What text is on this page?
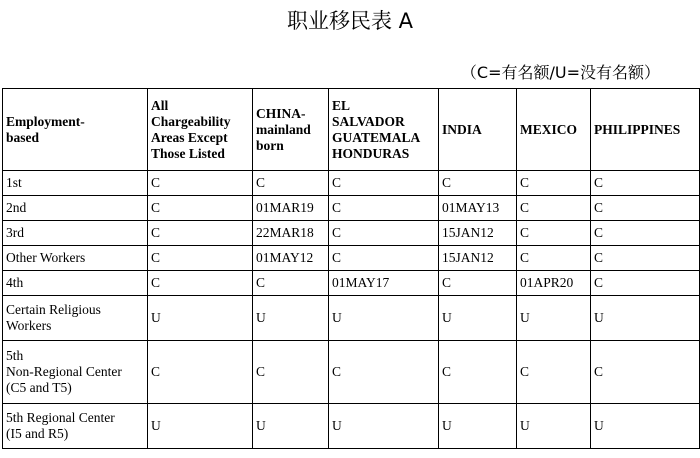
职业移民表 A
（C=有名额/U=没有名额）
Employment-
based	All
Chargeability
Areas Except
Those Listed	CHINA-
mainland
born	EL
SALVADOR
GUATEMALA
HONDURAS	INDIA	MEXICO	PHILIPPINES
1st	C	C	C	C	C	C
2nd	C	01MAR19	C	01MAY13	C	C
3rd	C	22MAR18	C	15JAN12	C	C
Other Workers	C	01MAY12	C	15JAN12	C	C
4th	C	C	01MAY17	C	01APR20	C
Certain Religious
Workers	U	U	U	U	U	U
5th
Non-Regional Center
(C5 and T5)	C	C	C	C	C	C
5th Regional Center
(I5 and R5)	U	U	U	U	U	U
